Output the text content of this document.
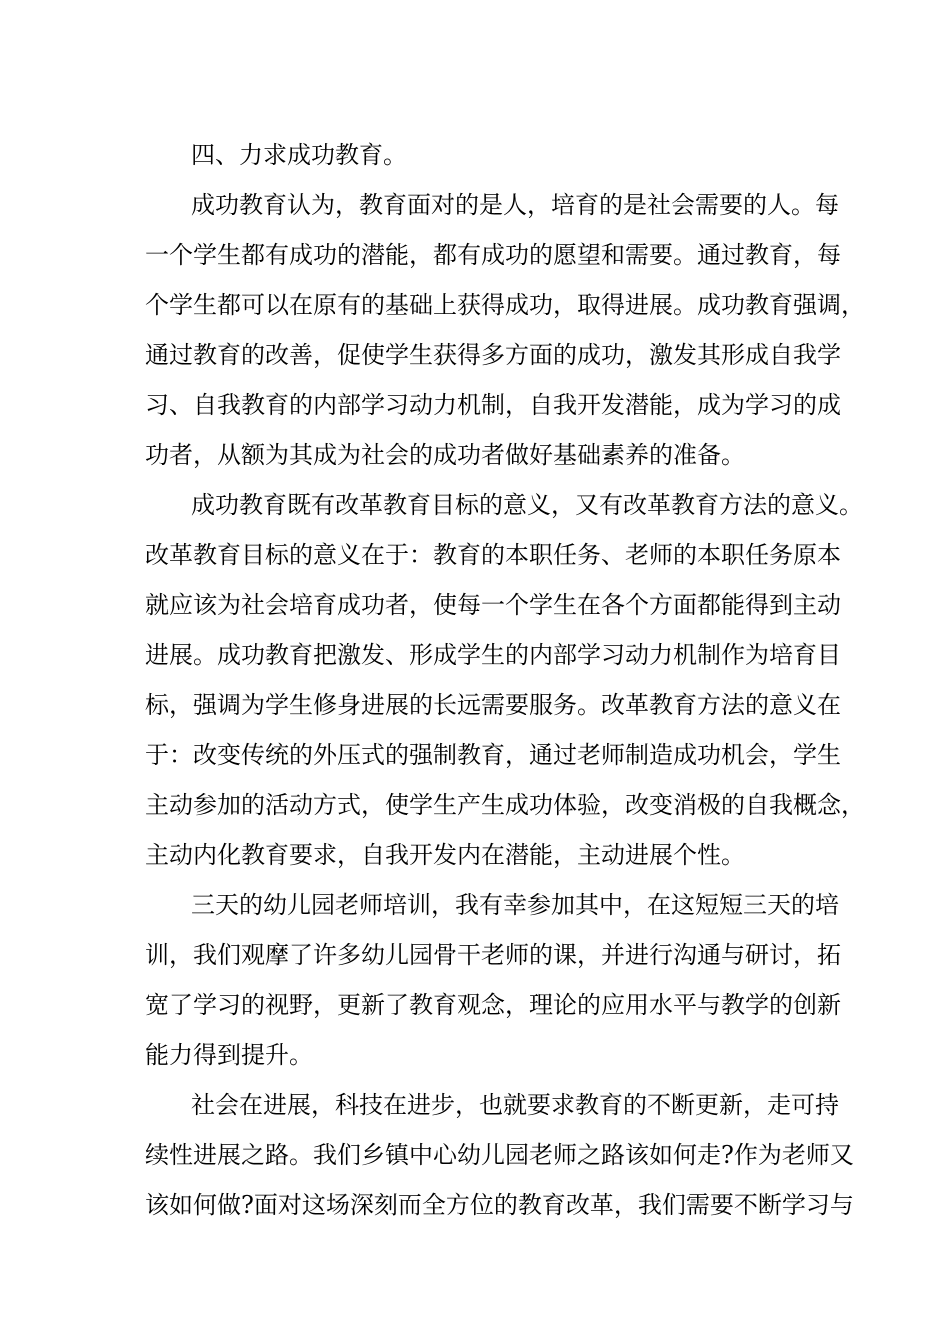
四、力求成功教育。
成功教育认为，教育面对的是人，培育的是社会需要的人。每
一个学生都有成功的潜能，都有成功的愿望和需要。通过教育，每
个学生都可以在原有的基础上获得成功，取得进展。成功教育强调，
通过教育的改善，促使学生获得多方面的成功，激发其形成自我学
习、自我教育的内部学习动力机制，自我开发潜能，成为学习的成
功者，从额为其成为社会的成功者做好基础素养的准备。
成功教育既有改革教育目标的意义，又有改革教育方法的意义。
改革教育目标的意义在于：教育的本职任务、老师的本职任务原本
就应该为社会培育成功者，使每一个学生在各个方面都能得到主动
进展。成功教育把激发、形成学生的内部学习动力机制作为培育目
标，强调为学生修身进展的长远需要服务。改革教育方法的意义在
于：改变传统的外压式的强制教育，通过老师制造成功机会，学生
主动参加的活动方式，使学生产生成功体验，改变消极的自我概念，
主动内化教育要求，自我开发内在潜能，主动进展个性。
三天的幼儿园老师培训，我有幸参加其中，在这短短三天的培
训，我们观摩了许多幼儿园骨干老师的课，并进行沟通与研讨，拓
宽了学习的视野，更新了教育观念，理论的应用水平与教学的创新
能力得到提升。
社会在进展，科技在进步，也就要求教育的不断更新，走可持
续性进展之路。我们乡镇中心幼儿园老师之路该如何走?作为老师又
该如何做?面对这场深刻而全方位的教育改革，我们需要不断学习与
